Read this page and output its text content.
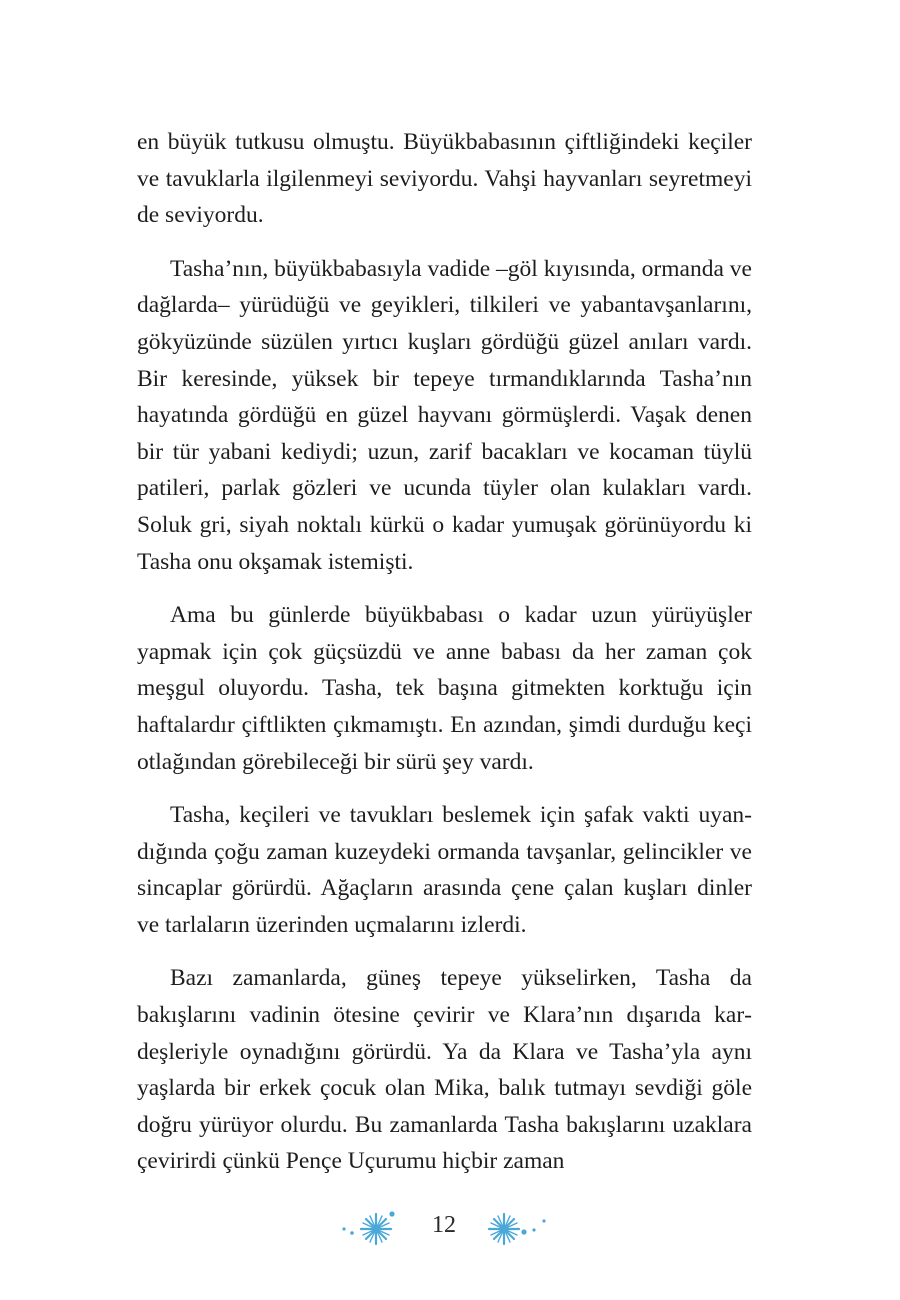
en büyük tutkusu olmuştu. Büyükbabasının çiftliğindeki keçiler ve tavuklarla ilgilenmeyi seviyordu. Vahşi hayvanları seyretmeyi de seviyordu.

Tasha’nın, büyükbabasıyla vadide –göl kıyısında, ormanda ve dağlarda– yürüdüğü ve geyikleri, tilkileri ve yabantavşanlarını, gökyüzünde süzülen yırtıcı kuşları gördüğü güzel anıları vardı. Bir keresinde, yüksek bir tepeye tırmandıklarında Tasha’nın hayatında gördüğü en güzel hayvanı görmüşlerdi. Vaşak denen bir tür yabani kediydi; uzun, zarif bacakları ve kocaman tüylü patileri, parlak gözleri ve ucunda tüyler olan kulakları vardı. Soluk gri, siyah noktalı kürkü o kadar yumuşak görünüyordu ki Tasha onu okşamak istemişti.

Ama bu günlerde büyükbabası o kadar uzun yürüyüşler yapmak için çok güçsüzdü ve anne babası da her zaman çok meşgul oluyordu. Tasha, tek başına gitmekten korktuğu için haftalardır çiftlikten çıkmamıştı. En azından, şimdi durduğu keçi otlağından görebileceği bir sürü şey vardı.

Tasha, keçileri ve tavukları beslemek için şafak vakti uyandığında çoğu zaman kuzeydeki ormanda tavşanlar, gelincikler ve sincaplar görürdü. Ağaçların arasında çene çalan kuşları dinler ve tarlaların üzerinden uçmalarını izlerdi.

Bazı zamanlarda, güneş tepeye yükselirken, Tasha da bakışlarını vadinin ötesine çevirir ve Klara’nın dışarıda kardeşleriyle oynadığını görürdü. Ya da Klara ve Tasha’yla aynı yaşlarda bir erkek çocuk olan Mika, balık tutmayı sevdiği göle doğru yürüyor olurdu. Bu zamanlarda Tasha bakışlarını uzaklara çevirirdi çünkü Pençe Uçurumu hiçbir zaman

12
